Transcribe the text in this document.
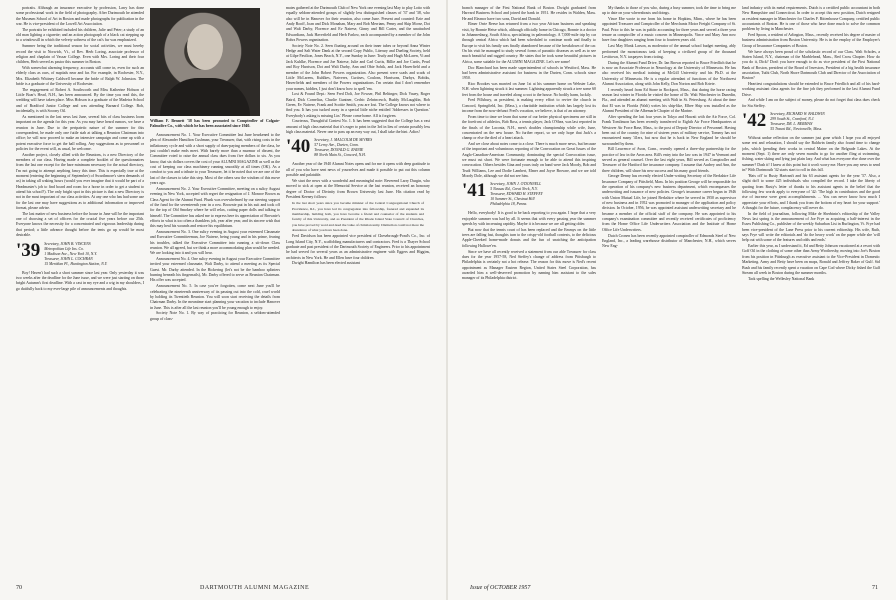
portraits. Although an insurance executive by profession, Larry has done some professional work in the field of photography. After Dartmouth he attended the Museum School of Art in Boston and made photographs for publication in the war. He is vice-president of the Lowell Art Association.

The portraits he exhibited included his children, Julie and Peter; a study of an old man lighting a cigarette; and an action photograph of a black cat stepping up to a windowsill in which the velvety softness of the cat's fur was emphasized.

Summer being the traditional season for social activities, we must hereby record the visit to Norwich, Vt., of Rev. Herb Loring, associate professor of religion and chaplain of Vassar College. Even with Mrs. Loring and their four children, Herb served as pastor this summer in Boston.

With somewhat alarming frequency, accounts still come in, even for such an elderly class as ours, of nuptials near and far. For example, in Rochester, N.Y., Mrs. Elizabeth Whitney Caldwell became the bride of Ralph W. Johnston. The bride is a graduate of the University of Rochester.

The engagement of Robert A. Southworth and Miss Katherine Hobson of Little Boar's Head, N.H., has been announced. By the time you read this, the wedding will have taken place. Miss Hobson is a graduate of the Madeira School and of Bradford Junior College and was attending Barnard College. Bob, incidentally, is with Socony Oil.

As mentioned in the last news last June, several bits of class business loom important on the agenda for this year. As you may have heard rumors, we have a reunion in June. Due to the peripatetic nature of the summer for this correspondent, he made only one futile stab at talking a Reunion Chairman into office; he will now proceed to make an intensive campaign and come up with a potent executive force to get the ball rolling. Any suggestions as to personnel or policies for the event will, as usual, be welcome.

Another project, closely allied with the Reunions, is a new Directory of the members of our class. Having made a complete booklet of the questionnaires from the last one except for the bare minimum necessary for the actual directory, I'm not going to attempt anything fancy this time. This is especially true at the moment (entering the beginning of September) of Swarthmore's stern demands of us) in taking all waking hours (would you ever imagine that it would be part of a Headmaster's job to find board and room for a horse in order to get a student to attend his school?). The only bright spot in this picture is that a new Directory is not in the most important of our class activities. At any one who has had some use for the last one may have suggestions as to additional information or improved format, please advise.

The last matter of new business before the house in June will be the important one of choosing a set of officers for the crucial five years before our 25th. Everyone knows the necessity for a concentrated and vigorous leadership during that period; a little advance thought before the tents go up would be most desirable.

'39 Secretary, JOHN B. VINCENS
Metropolitan Life Ins. Co.
1 Madison Ave., New York 10, N.Y.
Treasurer, JOHN L. COCHRAN
15 Meridian Pl., Huntington Station, N.Y.

Boy! Haven't had such a short summer since last year. Only yesterday it was two weeks after the deadline for the June issue, and we were just starting on those bright Autumn's first deadline. With a cast in my eye and a wig in my shoulders, I go dutifully back to my ever-large pile of announcements and thoughts.

William F. Bennett '38 has been promoted to Comptroller of Colgate-Palmolive Co., with which he has been associated since 1940.

Announcement No. 1. Your Executive Committee last June hearkened to the plea of Alexander Hamilton Cushman, your Treasurer, that, with rising costs in the inflationary cycle and with a short supply of dues-paying members of the class, he just couldn't make ends meet. With barely more than a murmur of dissent, the Committee voted to raise the annual class dues from five dollars to six. As you know, that six dollars covers the cost of your ALUMNI MAGAZINE as well as the cost of keeping our class machinery running smoothly at all times (OK). As a comfort to you and a tribute to your Treasurer, let it be noted that we are one of the last of the classes to take this step. Most of the others saw the wisdom of this move years ago.

Announcement No. 2. Your Executive Committee, meeting on a sultry August evening in New York, accepted with regret the resignation of J. Monroe Brown as Class Agent for the Alumni Fund. Plunk was overwhelmed by our steering support of the fund for the seventeenth year in a row. Brownie put in his suit and took off for the top of Old Smokey where he will relax, cutting paper dolls and talking to himself. The Committee has asked me to express here its appreciation of Brownie's efforts in what is too often a thankless job, year after year, and its sincere wish that this may heal his wounds and restore his equilibrium.

Announcement No. 3. One sultry evening in August your esteemed Classmate and Executive Committeeman, Joe Nairese, being young and in his prime, fearing his troubles, talked the Executive Committee into running a sit-down Class reunion. We all agreed, but we think a more accommodating plan would be needed. We are looking into it and you will hear.

Announcement No. 4. One sultry evening in August your Executive Committee invited your esteemed classmate, Walt Darby, to attend a meeting as its Special Guest. Mr. Darby attended. In the Bickering (let's not be the bamboo splinters burning beneath his fingernails), Mr. Darby offered to serve as Reunion Chairman. His offer was accepted.

Announcement No. 5. In case you've forgotten, come next June you'll be celebrating the nineteenth anniversary of its passing out into the cold, cruel world by holding its Twentieth Reunion. You will soon start receiving the details from Chairman Darby. In the meantime start planning your vacation to include Hanover in June. This is after all the last reunion you'll be young enough to enjoy.

Society Note No. 1. By way of practicing for Reunion, a seldom-attended group of class-

mates gathered at the Dartmouth Club of New York one evening last May to play Lotto with equally seldom-attended groups of slightly less distinguished classes of '37 and '38, who also will be in Hanover for their reunion, also come June. Present and counted: Ezie and Andy Rooff, Joan and Dick Monahan, Mary and Bob Merriam, Penny and Skip Morse, Dot and Walt Darby, Florence and Ev Nairese, Ginny and Bill Carter, and the unattached Edwardians, Jack Haverfield and Herb Farlow, each accompanied by a member of the John Rohrs Powers organization.

Society Note No. 2. Seen floating around on their inner tubes or beyond Anna Winter Hedge and Salt Water Dank at the second Copy Public, Literary and Dueling Society, held at Gilpe Pavilion, Jones Beach, N.Y., one Sunday in June: Trudy and Hugh McLaren, Vi and Jack Kuhlke, Florence and Joe Nairese, Julie and Carl Curtis, Billie and Joe Curtis, Pearl and Roy Harrison, Dot and Walt Darby, Ann and Obie Sobik, and Jack Haverfield and a member of the John Robert Powers organization. Also present were scads and scads of Little McLarens, Kuhlkes, Naiveres, Curtises, Coulons, Harrisons, Darbys, Bobiks, Haverfields and members of the Powers organizations. I'm certain that I don't remember your names, kiddies, I just don't know how to spell 'em.

Lost & Found Dept.: Seen Fred Dolt, Joe Fowser, Phil Beltinger, Dick Vauey, Roger Baird, Dick Cornelius, Charlie Guntner, Cedric Zehrincesch, Buddy McLaughlin, Bob Green, Ev Nairese, Frank and Scottie Smith, you are lost. The College knows not where to find you. It has you tucked away in a special little niche entitled 'Addresses in Question.' Everybody's asking is missing Lin.' Please come home. All is forgiven.

Courteous, Thoughtful Contest No. 1. It has been suggested that the College has a vast amount of high class material that it's eager to print in the 3rd in lieu of certain possibly less high class material. Never one to pass up an easy way out, I shall take the hint. Adios!

'40 Secretary, J. MALCOLM DE SEVRES
57 Leroy Ave., Darien, Conn.
Treasurer, DONALD G. RAINIE
88 North Main St., Concord, N.H.

Another year of the 1940 Alumni Notes opens and for me it opens with deep gratitude to all of you who have sent news of yourselves and made it possible to put out this column possible and palatable.

We start the news with a wonderful and meaningful note: Reverend Larry Durgin, who moved to sick at open at the Memorial Service at the last reunion, received an honorary degree of Doctor of Divinity from Brown University last June. His citation read by President Keeney follows:

In the last short years since you became minister of the Central Congregational Church of Providence, R.I., you have led its congregation into fellowship, fostered and expanded its membership, building both, you have become a friend and counselor of the students and faculty of this University, and as President of the Rhode Island State Council of Churches, you have proved by word and deed the value of christian unity. Distinction could not more the abundance of what you have been done.

Fred Davidson has been appointed vice president of Chesebrough-Pond's Co., Inc. of Long Island City, N.Y., scaffolding manufacturers and contractors. Fred is a Thayer School graduate and past president of the Dartmouth Society of Engineers. Prior to his appointment he had served for several years as an administrative engineer with Eggers and Higgins, architects in New York. He and Ellen have four children.

Dwight Hamilton has been elected assistant

70	DARTMOUTH ALUMNI MAGAZINE

branch manager of the First National Bank of Boston. Dwight graduated from Harvard Business School and joined the bank in 1951. He resides in Walden, Mass. He and Eleanor have two sons, David and Donald.

Elmer Orrie Reese has returned from a two year African business and speaking visit, by Bonnie Heise which, although officially home in Chicago, Bonnie is a doctor in Johannesburg, South Africa, specializing in paleontology. A 7,000-mile trip by car through central Africa which had been scheduled to continue north and finally to Europe to visit his family was finally abandoned because of the breakdown of the car. On his visit he managed to study several forms of parasitic diseases as well as to see much beautiful and rugged country. He states that he took some beautiful pictures in Africa, some suitable for the ALUMNI MAGAZINE. Let's see some!

Doc Blanchard has been made superintendent of schools in Westford, Mass. He had been administrative assistant for business in the Darien, Conn. schools since 1950.

Rico Brookes was married on June 1st at his summer home on Webster Lake, N.H. when lightning struck it last summer. Lightning apparently struck a tree some 60 feet from the house and traveled along a root to the house. No bodily harm, luckily.

Fred Pillsbury, as president, is making every effort to revive the church in Concord, Springfield, Inc. (Mass.), a charitable institution which has largely lost its income from the now-defunct Fred's vocation, we believe, is that of an attorney.

From time to time we learn that some of our better physical specimens are still in the forefront of athletics, Bob Ross, a tennis player, Jack O'Shea, was last reported in the finals of the Laconia, N.H., men's doubles championship while wife, June, concentrated on the new house. No further report, so we only hope that Jack's a champ or else the died of a heart attack.

And we close about notes come to a close. There is much more news, but because of the important and voluminous reporting of the Convocation on Great Issues of the Anglo-Canadian-American Community, dominating the special Convocation issue, we must cut short. We were fortunate enough to be able to attend this inspiring convocation. Others besides Gina and yours truly on hand were Jack Moody, Bob and Trudi Williams, Lee and Dodie Lambert, Elmer and Joyce Browne, and we are told Moody Dole, although we did not see him.

'41 Secretary, JOHN J. O'DONNELL
5 Nassau Rd., Great Neck, N.Y.
Treasurer, EDWARD H. STEFFEY
10 Summer St., Chestnut Hill
Philadelphia 18, Penna.

Hello, everybody! It is good to be back reporting to you again. I hope that a very enjoyable summer was had by all. It seems that with every passing year the summer speeds by with increasing rapidity. Maybe it is because we are all getting older.

But now that the tennis court of has been replaced and the Emmys on the little trees are falling fast, thoughts turn to the crispy-old football contests, to the delicious Apple-Cheeked home-made donuts and the fun of snatching the anticipation following Hallowe'en.

Since we have all recently received a statement from our able Treasurer for class dues for the year 1957-58, Ned Steffey's change of address from Pittsburgh to Philadelphia is certainly not a hot release. The reason for this move is Ned's recent appointment as Manager Eastern Region, United States Steel Corporation, has awarded him a well-deserved promotion by naming him assistant to the sales manager of its Philadelphia district.

My thanks to those of you who, during a busy summer, took the time to bring me up to date on your whereabouts and doings.

Vince Ebe wrote to me from his home in Hopkins, Minn., where he has been appointed Treasurer and Comptroller of the Merchants Motor Freight Company of St. Paul. Prior to this he was in public accounting for three years and served a three year tenure as comptroller of a music concern in Minneapolis. Vince and Mary Ann now have four daughters ranging from four to fourteen years old.

Last May Monk Larson, as moderator of the annual school budget meeting, ably performed the monotonous task of keeping a civilized group of the thousand Levittown, N.Y. taxpayers from rioting.

During the Alumni Fund Drive, Dr. Ian Brown reported to Bruce Friedlich that he is now an Associate Professor in Neurology at the University of Minnesota. He has also received his medical training at McGill University and his Ph.D. at the University of Minnesota. He is a regular attendant of functions of the Northwest Alumni Association, along with John Kelly, Don Norton and Bob Kriete.

I recently heard from Ed Stone in Rockport, Mass., that during the horse racing season last winter in Florida he visited the home of Dr. Walt Winchester in Dunedin, Fla., and attended an alumni meeting with Walt in St. Petersburg. At about the time that El was in Florida (Walt) writes his ship-like, Elbee Ship was installed as the Alumni President of the Albemarle Chapter of the Marine.

After spending the last four years in Tokyo and Hawaii with the Air Force, Col. Frank Tomlinson has been recently transferred to Eighth Air Force Headquarters at Westover Air Force Base, Mass., to the post of Deputy Director of Personnel. Having been out of the country for nine of sixteen years of military service, Tommy has not encountered many '41ers, but now that he is back in New England he should be surrounded by them.

Bill Lawrence of Avon, Conn., recently opened a three-day partnership for the practice of law in the Avon area. Bill's entry into the law was in 1947 in Vermont and served as general counsel. Over the last eight years, Bill served as Comptroller and Treasurer of the Hartford fire insurance company. I assume that Audrey and Ann, the three children, will share his new success and his many good friends.

George Denny has recently elected Under-writing Secretary of the Berkshire Life Insurance Company of Pittsfield, Mass. In his position George will be responsible for the operation of his company's new business department, which encompasses the underwriting and issuance of new policies. George's insurance career began in 1946 with Union Mutual Life, he joined Berkshire where he served in 1950 as supervisor of new business and in 1952 was promoted to manager of the application and policy division. In October, 1956, he was appointed assistant underwriting secretary and he became a member of the official staff of the company. He was appointed to his company's examination committee and recently received certificates of proficiency from the Home Office Life Underwriters Association and the Institute of Home Office Life Underwriters.

Dutch Cronen has been recently appointed comptroller of Edmonds Steel of New England, Inc., a leading warehouse distributor of Manchester, N.H., which serves New Eng-

land industry with its metal requirements. Dutch is a certified public accountant in both New Hampshire and Connecticut. In order to accept this new position, Dutch resigned as resident manager in Manchester for Charles F. Rittenhouse Company, certified public accountants of Boston. He is one of those who have done much to solve the common problem by living in Manchester.

Fred Spoon, a resident of Arlington, Mass., recently received his degree of master of business administration from Boston University. He is in the employ of the Employer's Group of Insurance Companies of Boston.

We have always been proud of the scholastic record of our Class. Walt Scholes, a Staten Island, N.Y., chairman of the Marblehead, Mass., Red Cross Chapter. How do you do it, Dick? Don't you have enough to do as vice president of the First National Bank of Boston, president of the Board of Investors, President of a big health insurance association, Tuthi Club, North Shore Dartmouth Club and Director of the Association of Boston?

Heartiest congratulations should be extended to Bruce Friedlich and all of his hard-working assistant class agents for the fine job they performed in the last Alumni Fund Drive.

And while I am on the subject of money, please do not forget that class dues check for Stu Steffey.

'42 Secretary, RICHARD W. BALDWIN
299 South St., Cranford, N.J.
Treasurer, DR. L. BERMAN
55 Traunt Rd., Newtonville, Mass.

Without undue reflection on the summer just gone which I hope you all enjoyed some rest and relaxation, I should say the Baldwin family also found time to change jobs, which (pending their works in central Maine on the Belgrade Lakes. At the moment (Sept. 1) there are only seven months to go for another fling at swimming, fishing, water skiing and lying just plain lazy. And what has everyone else done over the summer? Dash it! I knew at this point but it won't worry me. Have you any news to send in? With Dartmouth '42 starts start to roll in this fall.

'Hats off' to Rusty Hartranft and his 63 assistant agents for the year '57. Also, a slight doff to some 425 individuals who compiled the record. I take the liberty of quoting from Rusty's letter of thanks to his assistant agents in the belief that the following few words apply to everyone of '42: 'The high in contributors and the good rise of increase were great accomplishments. ... You can never know how much I appreciate your efforts, and I thank you from the bottom of my heart for your support.' A thought for the future, complacency will never do.

In the field of journalism, following Mike de Sherbinin's editorship of the Valley News last spring is the announcement of Joe Frye as acquiring a half-interest in the Essex Publishing Co., publisher of the weekly Suburban List in Burlington, Vt. Frye had been vice-president of the Lane Press prior to his current editorship. His wife, Ruth, says Frye will write the editorials and 'do the heavy work' on the paper while she 'will help out with some of the features and odds and ends.'

Earlier this year, as I understand it, Ed and Betty Johnson vacationed at a resort with Goff Oil in the clothing of some other than Army Wrothersby, moving into Joe's Boston from his position in Pittsburgh as executive assistant to the Vice-President in Domestic Marketing. Army and Betty have been on maps, Ronald and Jeffrey Baker of Gulf. Sid Bush and his family recently spent a vacation on Cape Cod where Dicky fished the Gulf Stream all week in Boston during the summer months.

Tack spelling the Wellesley National Bank

Issue of OCTOBER 1957	71
